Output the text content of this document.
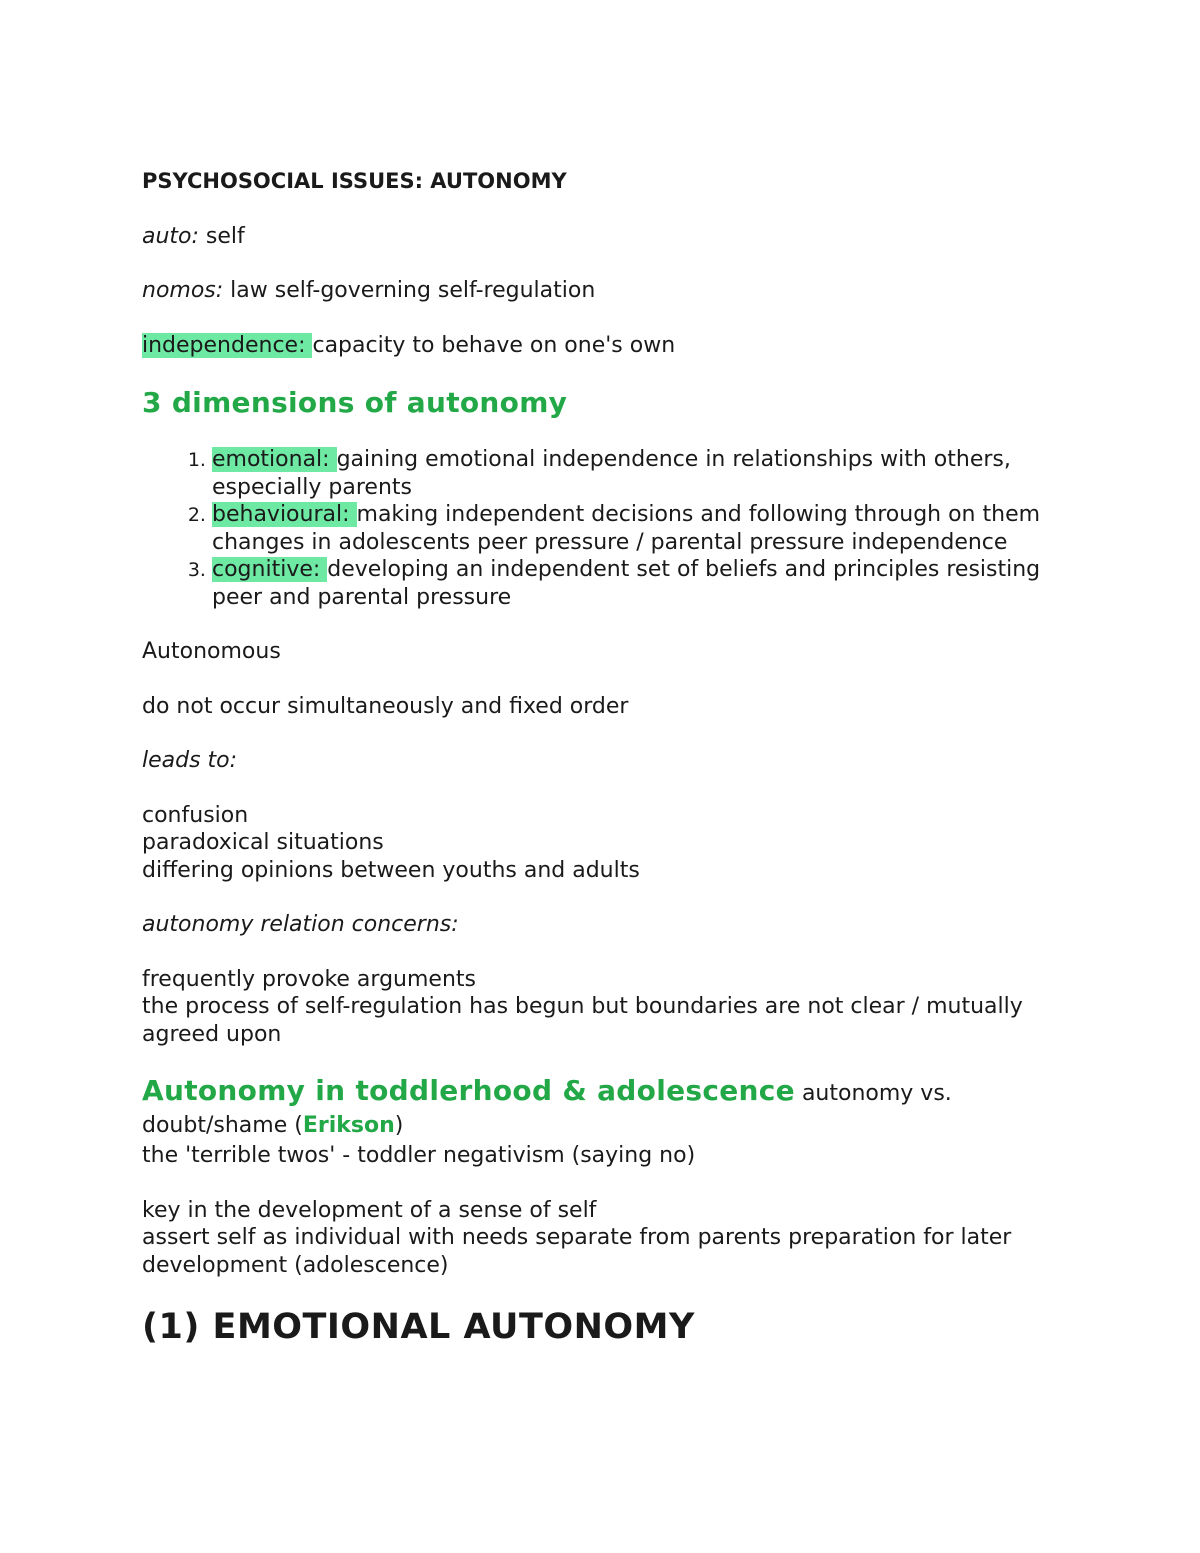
PSYCHOSOCIAL ISSUES: AUTONOMY

auto: self

nomos: law self-governing self-regulation

independence: capacity to behave on one's own

3 dimensions of autonomy

1. emotional: gaining emotional independence in relationships with others, especially parents
2. behavioural: making independent decisions and following through on them changes in adolescents peer pressure / parental pressure independence
3. cognitive: developing an independent set of beliefs and principles resisting peer and parental pressure

Autonomous

do not occur simultaneously and fixed order

leads to:

confusion

paradoxical situations

differing opinions between youths and adults

autonomy relation concerns:

frequently provoke arguments

the process of self-regulation has begun but boundaries are not clear / mutually agreed upon

Autonomy in toddlerhood & adolescence autonomy vs. doubt/shame (Erikson)

the 'terrible twos' - toddler negativism (saying no)

key in the development of a sense of self

assert self as individual with needs separate from parents preparation for later development (adolescence)

(1) EMOTIONAL AUTONOMY
